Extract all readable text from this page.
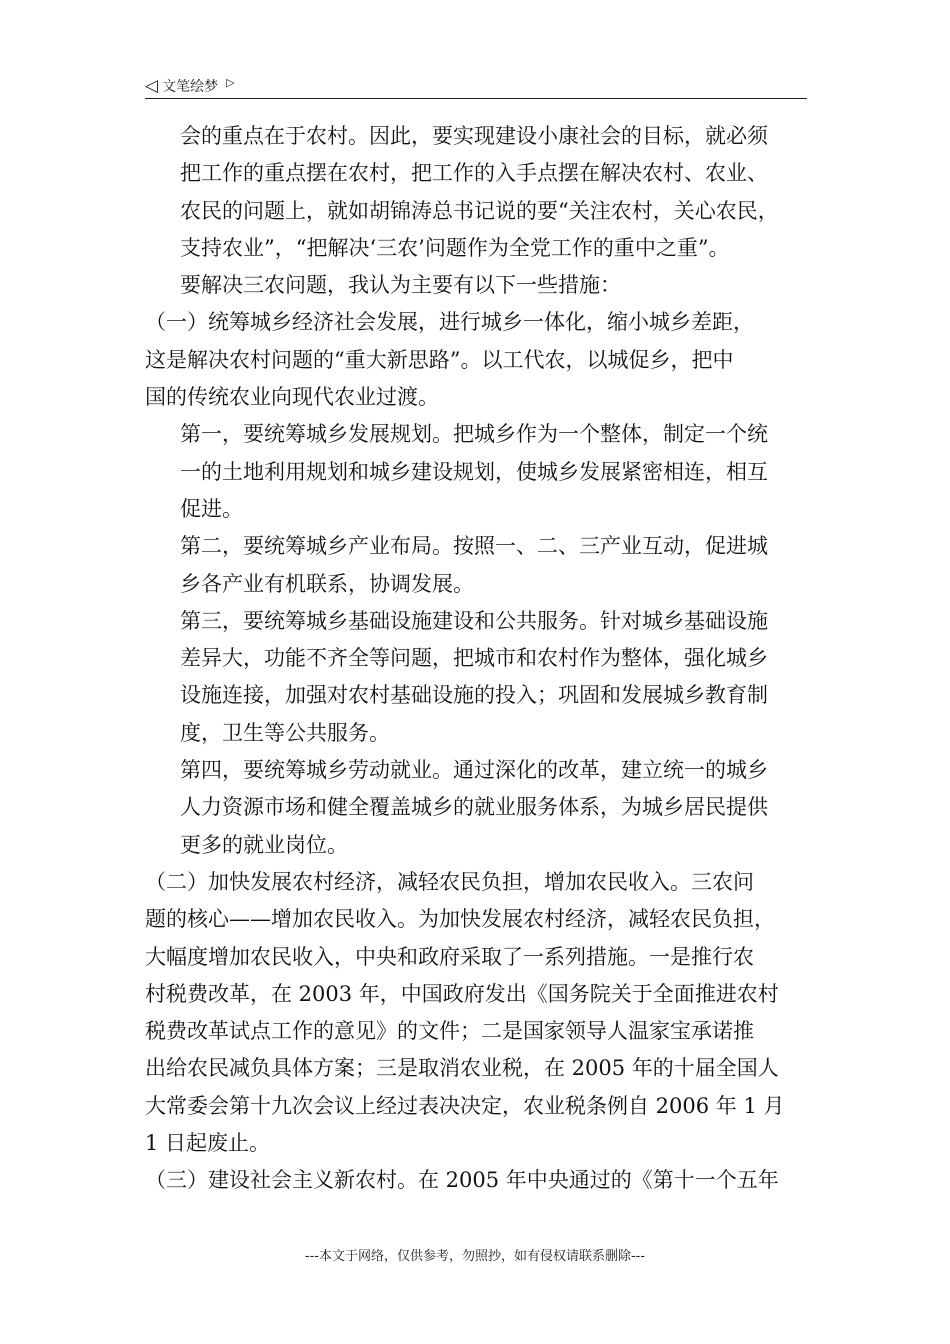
◁ 文笔绘梦 ▷
会的重点在于农村。因此，要实现建设小康社会的目标，就必须
把工作的重点摆在农村，把工作的入手点摆在解决农村、农业、
农民的问题上，就如胡锦涛总书记说的要“关注农村，关心农民，
支持农业”，“把解决‘三农’问题作为全党工作的重中之重”。
要解决三农问题，我认为主要有以下一些措施：
（一）统筹城乡经济社会发展，进行城乡一体化，缩小城乡差距，
这是解决农村问题的“重大新思路”。以工代农，以城促乡，把中
国的传统农业向现代农业过渡。
第一，要统筹城乡发展规划。把城乡作为一个整体，制定一个统
一的土地利用规划和城乡建设规划，使城乡发展紧密相连，相互
促进。
第二，要统筹城乡产业布局。按照一、二、三产业互动，促进城
乡各产业有机联系，协调发展。
第三，要统筹城乡基础设施建设和公共服务。针对城乡基础设施
差异大，功能不齐全等问题，把城市和农村作为整体，强化城乡
设施连接，加强对农村基础设施的投入；巩固和发展城乡教育制
度，卫生等公共服务。
第四，要统筹城乡劳动就业。通过深化的改革，建立统一的城乡
人力资源市场和健全覆盖城乡的就业服务体系，为城乡居民提供
更多的就业岗位。
（二）加快发展农村经济，减轻农民负担，增加农民收入。三农问
题的核心——增加农民收入。为加快发展农村经济，减轻农民负担，
大幅度增加农民收入，中央和政府采取了一系列措施。一是推行农
村税费改革，在 2003 年，中国政府发出《国务院关于全面推进农村
税费改革试点工作的意见》的文件；二是国家领导人温家宝承诺推
出给农民减负具体方案；三是取消农业税，在 2005 年的十届全国人
大常委会第十九次会议上经过表决决定，农业税条例自 2006 年 1 月
1 日起废止。
（三）建设社会主义新农村。在 2005 年中央通过的《第十一个五年
---本文于网络，仅供参考，勿照抄，如有侵权请联系删除---
